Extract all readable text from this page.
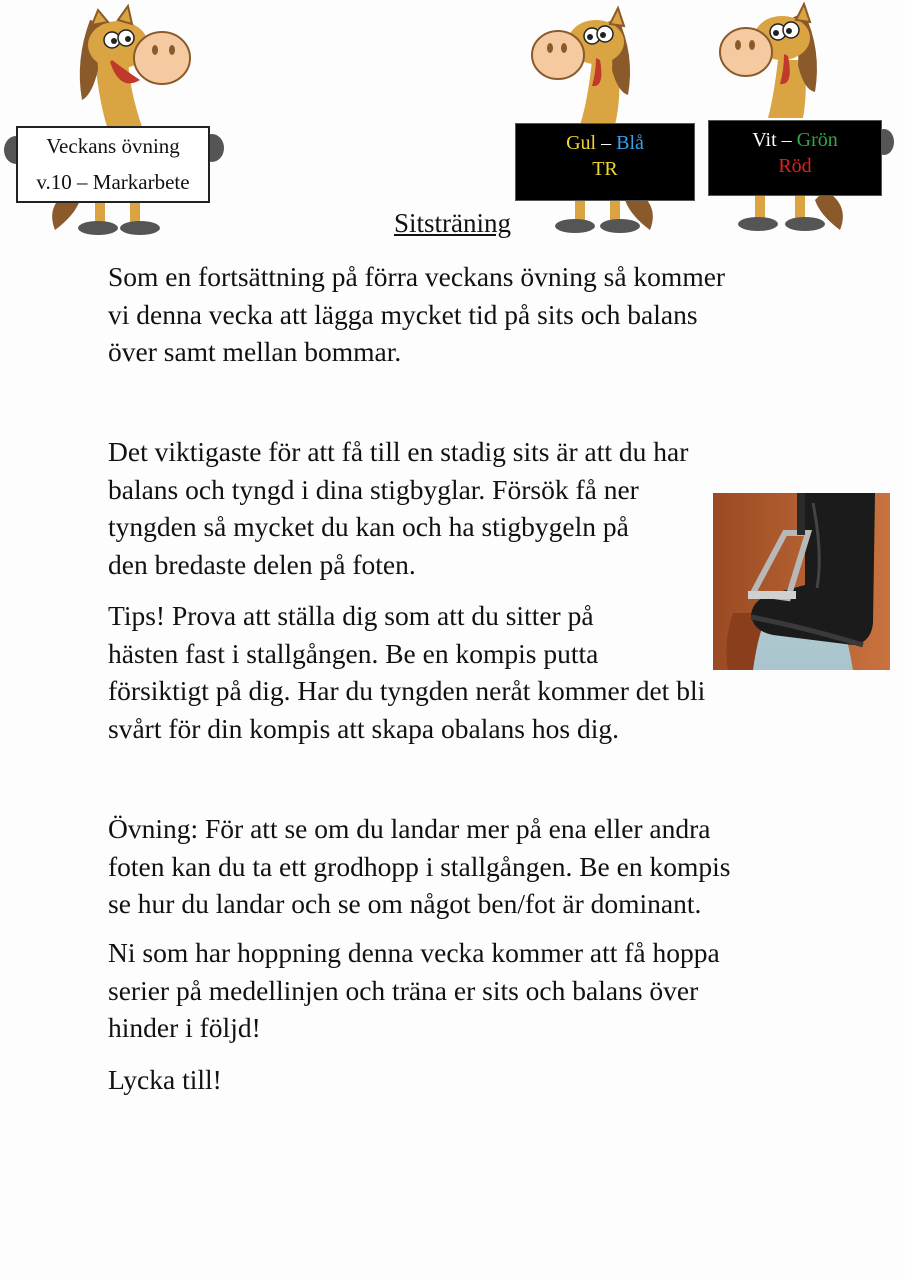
Veckans övning
v.10 – Markarbete
Gul – Blå
TR
Vit – Grön
Röd
Sitsträning
Som en fortsättning på förra veckans övning så kommer
vi denna vecka att lägga mycket tid på sits och balans
över samt mellan bommar.
Det viktigaste för att få till en stadig sits är att du har
balans och tyngd i dina stigbyglar. Försök få ner
tyngden så mycket du kan och ha stigbygeln på
den bredaste delen på foten.
Tips! Prova att ställa dig som att du sitter på
hästen fast i stallgången. Be en kompis putta
försiktigt på dig. Har du tyngden neråt kommer det bli
svårt för din kompis att skapa obalans hos dig.
Övning: För att se om du landar mer på ena eller andra
foten kan du ta ett grodhopp i stallgången. Be en kompis
se hur du landar och se om något ben/fot är dominant.
Ni som har hoppning denna vecka kommer att få hoppa
serier på medellinjen och träna er sits och balans över
hinder i följd!
Lycka till!
